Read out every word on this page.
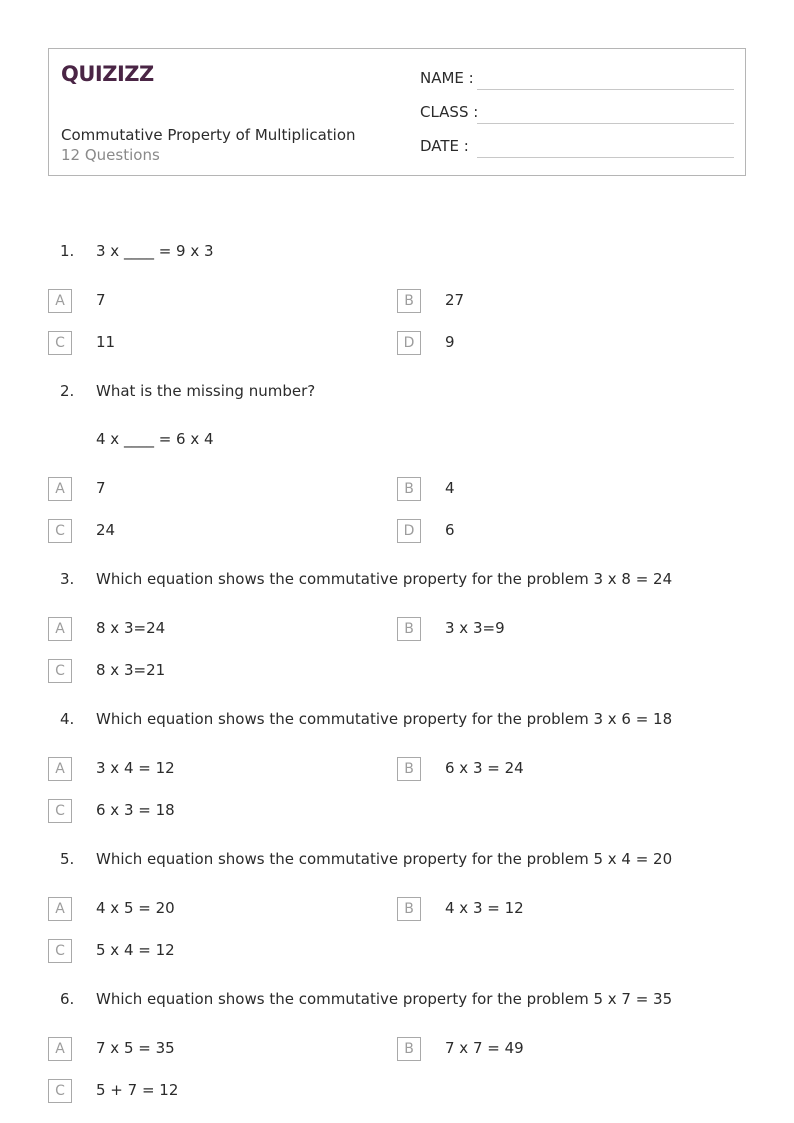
QUIZIZZ
Commutative Property of Multiplication
12 Questions
NAME :
CLASS :
DATE :
1. 3 x ____ = 9 x 3
A	7	B	27
C	11	D	9
2. What is the missing number?
4 x ____ = 6 x 4
A	7	B	4
C	24	D	6
3. Which equation shows the commutative property for the problem 3 x 8 = 24
A	8 x 3=24	B	3 x 3=9
C	8 x 3=21
4. Which equation shows the commutative property for the problem 3 x 6 = 18
A	3 x 4 = 12	B	6 x 3 = 24
C	6 x 3 = 18
5. Which equation shows the commutative property for the problem 5 x 4 = 20
A	4 x 5 = 20	B	4 x 3 = 12
C	5 x 4 = 12
6. Which equation shows the commutative property for the problem 5 x 7 = 35
A	7 x 5 = 35	B	7 x 7 = 49
C	5 + 7 = 12
